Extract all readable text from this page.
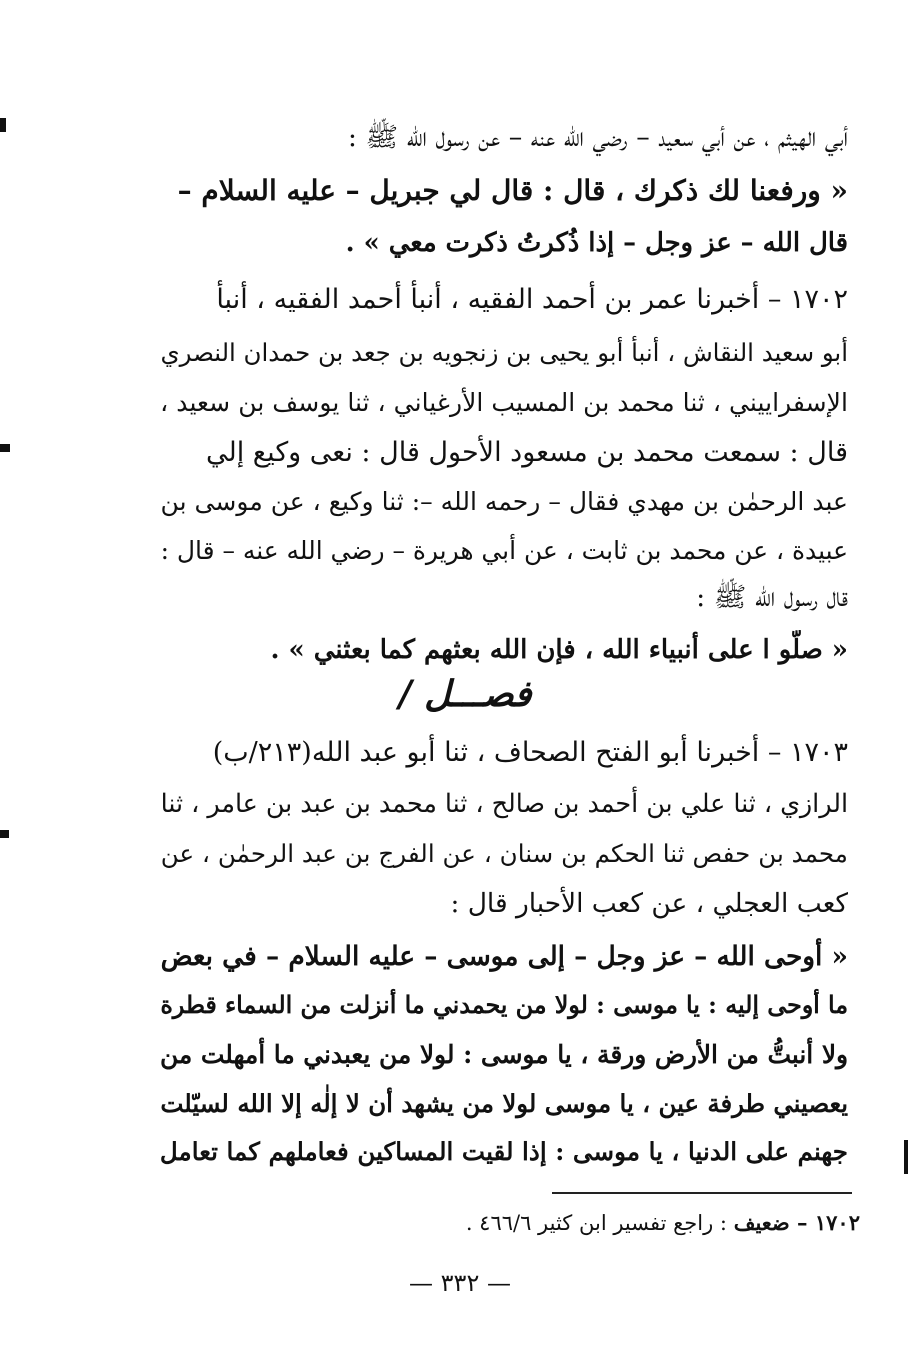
أبي الهيثم ، عن أبي سعيد – رضي الله عنه – عن رسول الله ﷺ :
« ورفعنا لك ذكرك ، قال : قال لي جبريل – عليه السلام –
قال الله – عز وجل – إذا ذُكرتُ ذكرت معي » .
١٧٠٢ – أخبرنا عمر بن أحمد الفقيه ، أنبأ أحمد الفقيه ، أنبأ
أبو سعيد النقاش ، أنبأ أبو يحيى بن زنجويه بن جعد بن حمدان النصري
الإسفراييني ، ثنا محمد بن المسيب الأرغياني ، ثنا يوسف بن سعيد ،
قال : سمعت محمد بن مسعود الأحول قال : نعى وكيع إلي
عبد الرحمٰن بن مهدي فقال – رحمه الله –: ثنا وكيع ، عن موسى بن
عبيدة ، عن محمد بن ثابت ، عن أبي هريرة – رضي الله عنه – قال :
قال رسول الله ﷺ :
« صلُّو ا على أنبياء الله ، فإن الله بعثهم كما بعثني » .
١٧٠٣ – أخبرنا أبو الفتح الصحاف ، ثنا أبو عبد الله(٢١٣/ب)
الرازي ، ثنا علي بن أحمد بن صالح ، ثنا محمد بن عبد بن عامر ، ثنا
محمد بن حفص ثنا الحكم بن سنان ، عن الفرج بن عبد الرحمٰن ، عن
كعب العجلي ، عن كعب الأحبار قال :
« أوحى الله – عز وجل – إلى موسى – عليه السلام – في بعض
ما أوحى إليه : يا موسى : لولا من يحمدني ما أنزلت من السماء قطرة
ولا أنبتُّ من الأرض ورقة ، يا موسى : لولا من يعبدني ما أمهلت من
يعصيني طرفة عين ، يا موسى لولا من يشهد أن لا إلٰه إلا الله لسيّلت
جهنم على الدنيا ، يا موسى : إذا لقيت المساكين فعاملهم كما تعامل
فصـــل /
١٧٠٢ – ضعيف : راجع تفسير ابن كثير ٤٦٦/٦ .
— ٣٣٢ —
